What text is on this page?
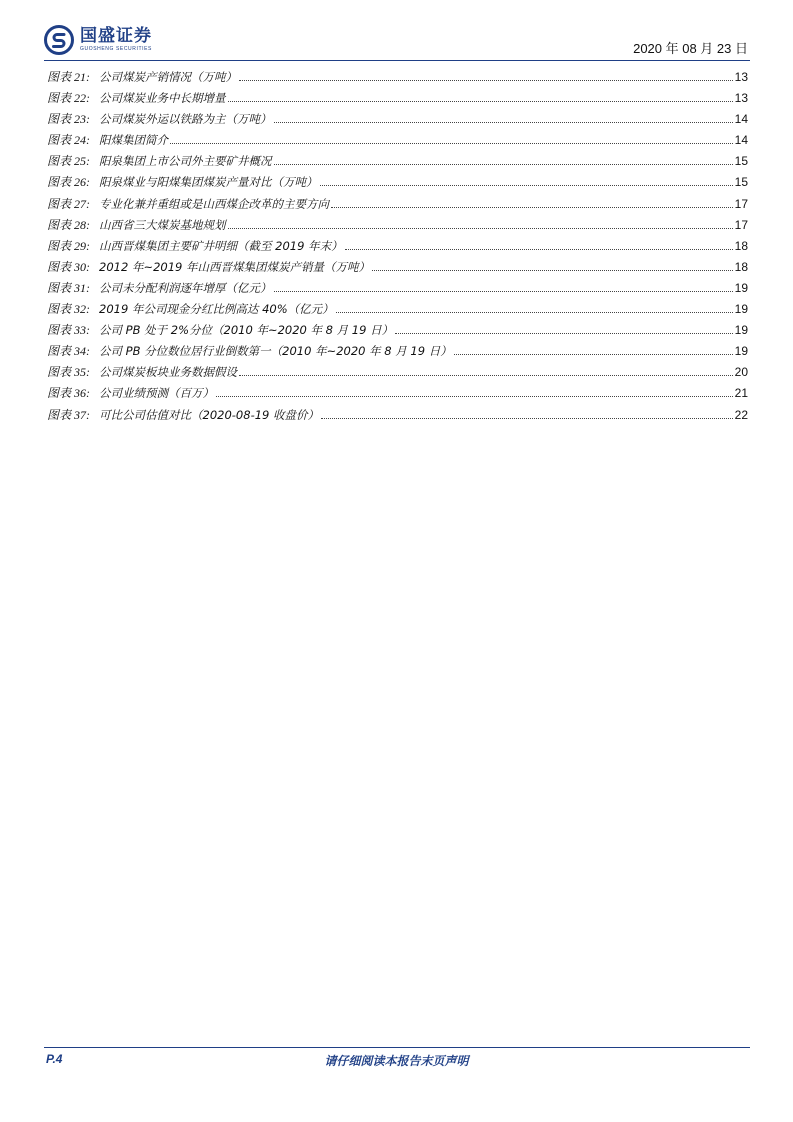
国盛证券
GUOSHENG SECURITIES	2020 年 08 月 23 日
图表 21: 公司煤炭产销情况（万吨）	13
图表 22: 公司煤炭业务中长期增量	13
图表 23: 公司煤炭外运以铁路为主（万吨）	14
图表 24: 阳煤集团简介	14
图表 25: 阳泉集团上市公司外主要矿井概况	15
图表 26: 阳泉煤业与阳煤集团煤炭产量对比（万吨）	15
图表 27: 专业化兼并重组或是山西煤企改革的主要方向	17
图表 28: 山西省三大煤炭基地规划	17
图表 29: 山西晋煤集团主要矿井明细（截至 2019 年末）	18
图表 30: 2012 年~2019 年山西晋煤集团煤炭产销量（万吨）	18
图表 31: 公司未分配利润逐年增厚（亿元）	19
图表 32: 2019 年公司现金分红比例高达 40%（亿元）	19
图表 33: 公司 PB 处于 2%分位（2010 年~2020 年 8 月 19 日）	19
图表 34: 公司 PB 分位数位居行业倒数第一（2010 年~2020 年 8 月 19 日）	19
图表 35: 公司煤炭板块业务数据假设	20
图表 36: 公司业绩预测（百万）	21
图表 37: 可比公司估值对比（2020-08-19 收盘价）	22
P.4	请仔细阅读本报告末页声明
